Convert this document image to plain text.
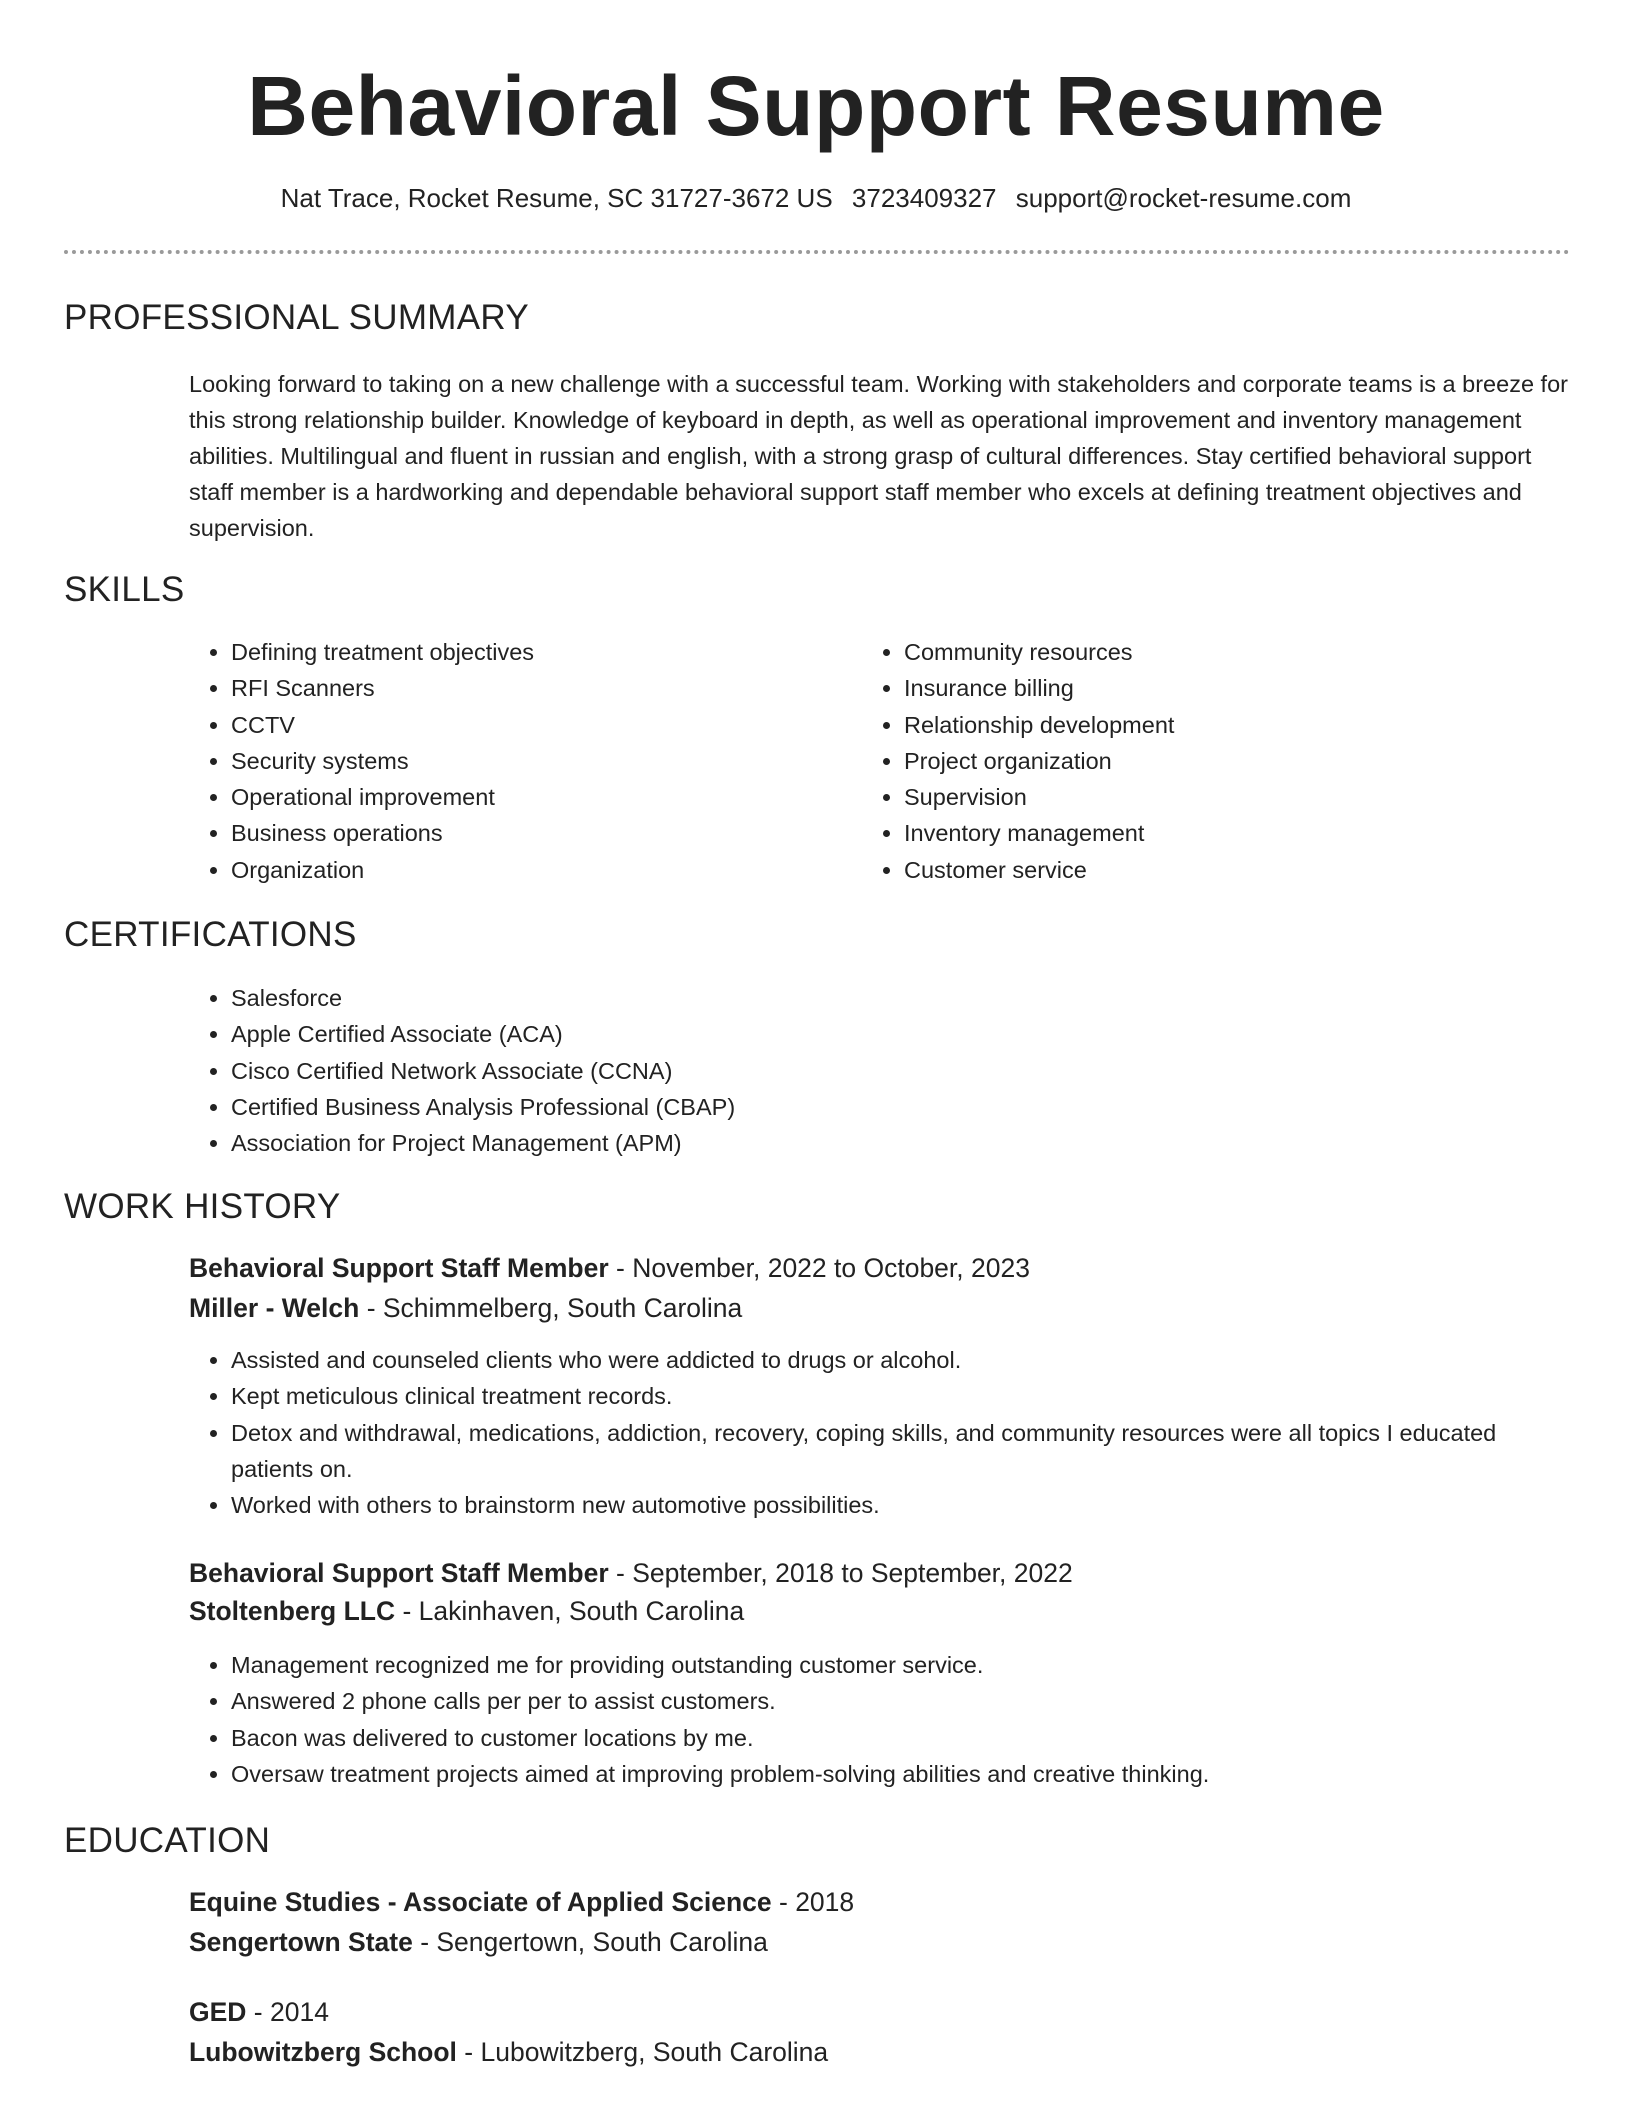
Behavioral Support Resume
Nat Trace, Rocket Resume, SC 31727-3672 US 3723409327 support@rocket-resume.com
PROFESSIONAL SUMMARY

Looking forward to taking on a new challenge with a successful team. Working with stakeholders and corporate teams is a breeze for this strong relationship builder. Knowledge of keyboard in depth, as well as operational improvement and inventory management abilities. Multilingual and fluent in russian and english, with a strong grasp of cultural differences. Stay certified behavioral support staff member is a hardworking and dependable behavioral support staff member who excels at defining treatment objectives and supervision.

SKILLS
• Defining treatment objectives
• RFI Scanners
• CCTV
• Security systems
• Operational improvement
• Business operations
• Organization
• Community resources
• Insurance billing
• Relationship development
• Project organization
• Supervision
• Inventory management
• Customer service
CERTIFICATIONS
• Salesforce
• Apple Certified Associate (ACA)
• Cisco Certified Network Associate (CCNA)
• Certified Business Analysis Professional (CBAP)
• Association for Project Management (APM)
WORK HISTORY
Behavioral Support Staff Member - November, 2022 to October, 2023
Miller - Welch - Schimmelberg, South Carolina
• Assisted and counseled clients who were addicted to drugs or alcohol.
• Kept meticulous clinical treatment records.
• Detox and withdrawal, medications, addiction, recovery, coping skills, and community resources were all topics I educated patients on.
• Worked with others to brainstorm new automotive possibilities.
Behavioral Support Staff Member - September, 2018 to September, 2022
Stoltenberg LLC - Lakinhaven, South Carolina
• Management recognized me for providing outstanding customer service.
• Answered 2 phone calls per per to assist customers.
• Bacon was delivered to customer locations by me.
• Oversaw treatment projects aimed at improving problem-solving abilities and creative thinking.
EDUCATION
Equine Studies - Associate of Applied Science - 2018
Sengertown State - Sengertown, South Carolina
GED - 2014
Lubowitzberg School - Lubowitzberg, South Carolina
